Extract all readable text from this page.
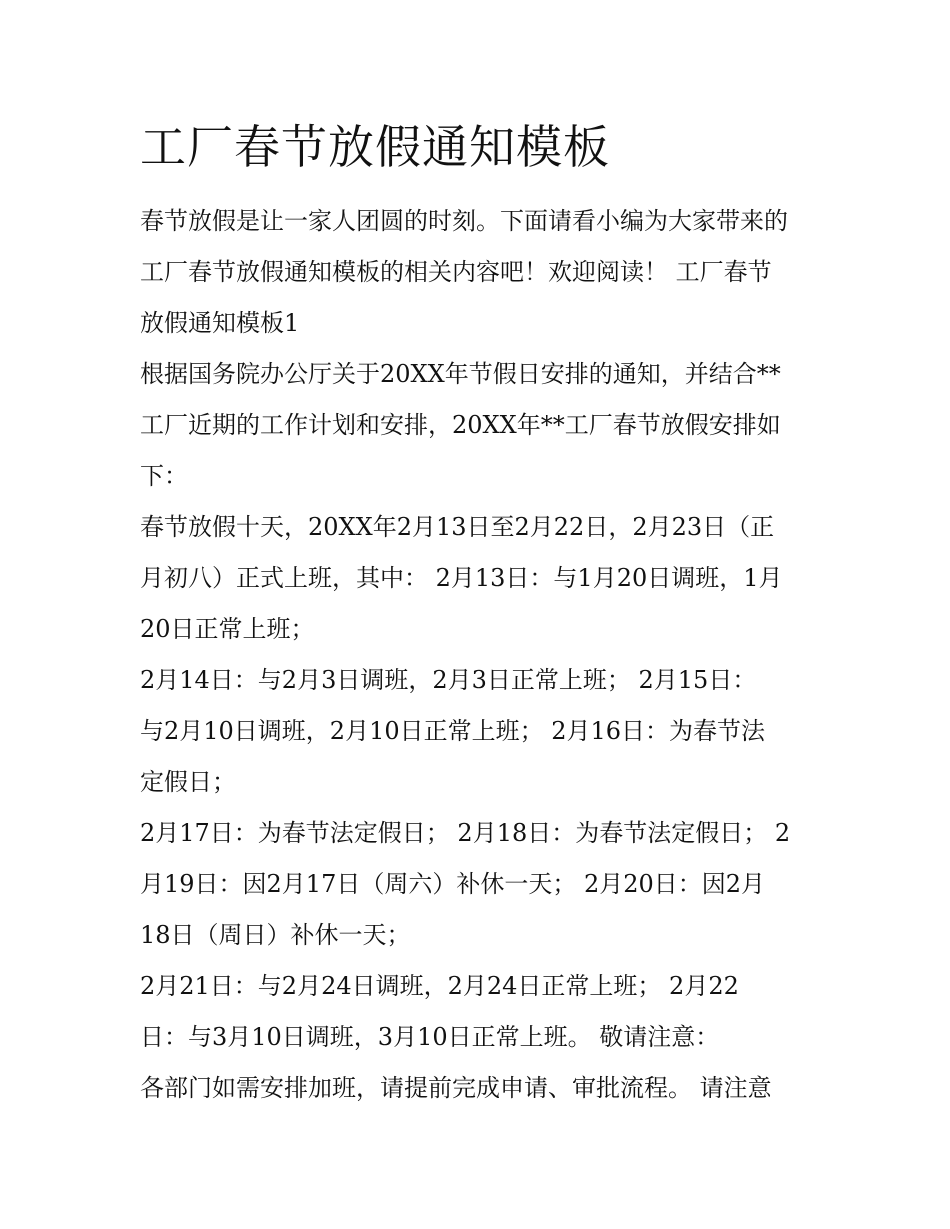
工厂春节放假通知模板

春节放假是让一家人团圆的时刻。下面请看小编为大家带来的
工厂春节放假通知模板的相关内容吧！欢迎阅读！ 工厂春节
放假通知模板1

根据国务院办公厅关于20XX年节假日安排的通知，并结合**
工厂近期的工作计划和安排，20XX年**工厂春节放假安排如
下：

春节放假十天，20XX年2月13日至2月22日，2月23日（正
月初八）正式上班，其中： 2月13日：与1月20日调班，1月
20日正常上班；

2月14日：与2月3日调班，2月3日正常上班； 2月15日：
与2月10日调班，2月10日正常上班； 2月16日：为春节法
定假日；

2月17日：为春节法定假日； 2月18日：为春节法定假日； 2
月19日：因2月17日（周六）补休一天； 2月20日：因2月
18日（周日）补休一天；

2月21日：与2月24日调班，2月24日正常上班； 2月22
日：与3月10日调班，3月10日正常上班。 敬请注意：

各部门如需安排加班，请提前完成申请、审批流程。 请注意
